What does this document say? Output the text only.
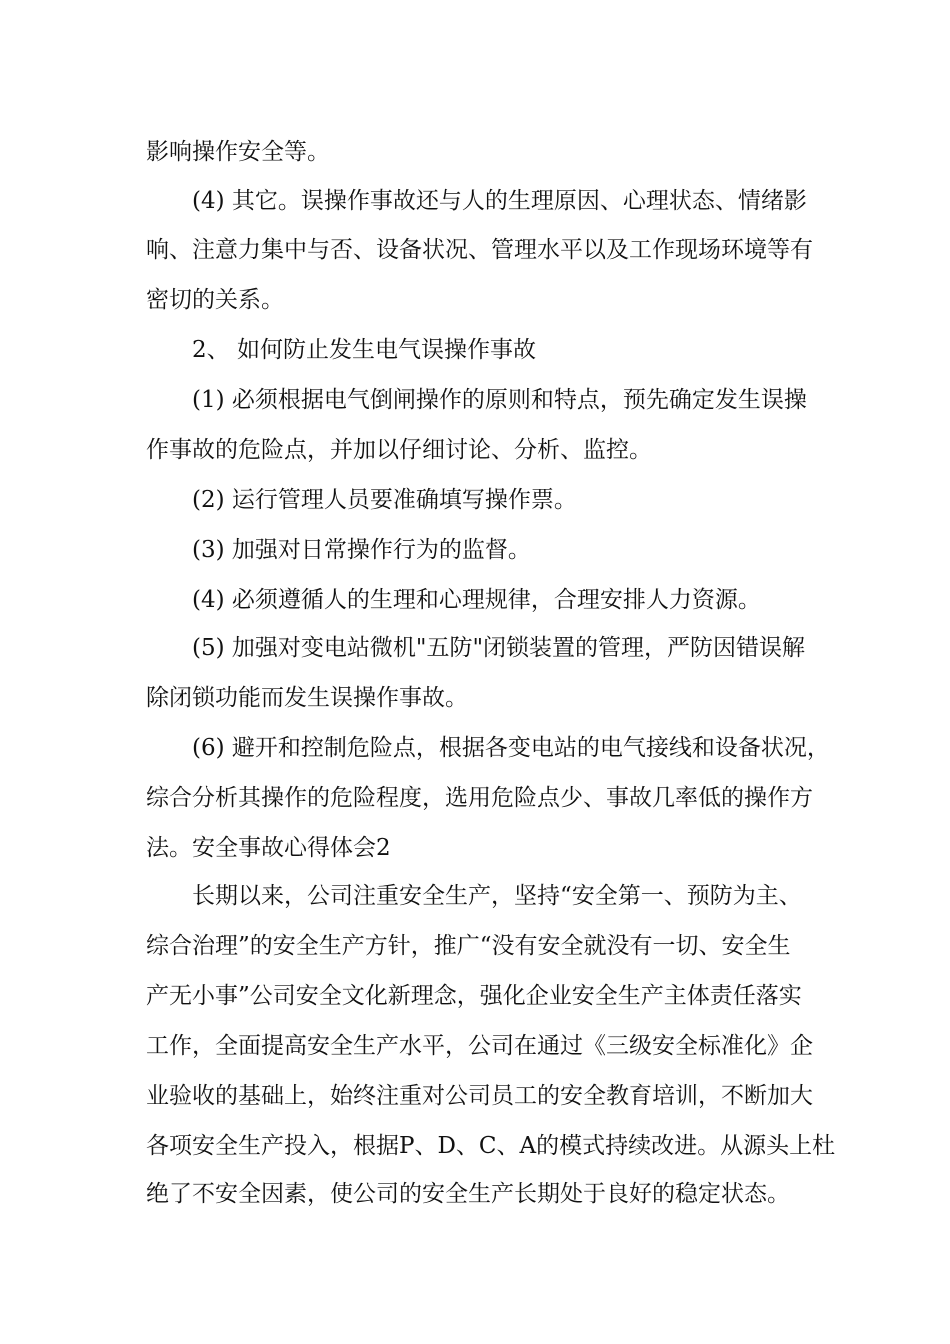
影响操作安全等。
(4) 其它。误操作事故还与人的生理原因、心理状态、情绪影
响、注意力集中与否、设备状况、管理水平以及工作现场环境等有
密切的关系。
2、 如何防止发生电气误操作事故
(1) 必须根据电气倒闸操作的原则和特点，预先确定发生误操
作事故的危险点，并加以仔细讨论、分析、监控。
(2) 运行管理人员要准确填写操作票。
(3) 加强对日常操作行为的监督。
(4) 必须遵循人的生理和心理规律，合理安排人力资源。
(5) 加强对变电站微机"五防"闭锁装置的管理，严防因错误解
除闭锁功能而发生误操作事故。
(6) 避开和控制危险点，根据各变电站的电气接线和设备状况，
综合分析其操作的危险程度，选用危险点少、事故几率低的操作方
法。安全事故心得体会2
长期以来，公司注重安全生产，坚持“安全第一、预防为主、
综合治理”的安全生产方针，推广“没有安全就没有一切、安全生
产无小事”公司安全文化新理念，强化企业安全生产主体责任落实
工作，全面提高安全生产水平，公司在通过《三级安全标准化》企
业验收的基础上，始终注重对公司员工的安全教育培训，不断加大
各项安全生产投入，根据P、D、C、A的模式持续改进。从源头上杜
绝了不安全因素，使公司的安全生产长期处于良好的稳定状态。
